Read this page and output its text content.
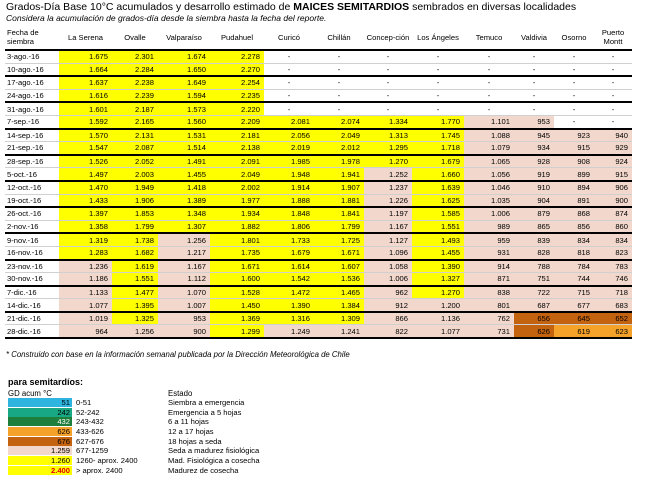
Grados-Día Base 10°C acumulados y desarrollo estimado de MAICES SEMITARDIOS sembrados en diversas localidades
Considera la acumulación de grados-día desde la siembra hasta la fecha del reporte.
Fecha de siembra	La Serena	Ovalle	Valparaíso	Pudahuel	Curicó	Chillán	Concep-ción	Los Ángeles	Temuco	Valdivia	Osorno	Puerto Montt
3-ago.-16	1.675	2.301	1.674	2.278	-	-	-	-	-	-	-	-
10-ago.-16	1.664	2.284	1.650	2.270	-	-	-	-	-	-	-	-
17-ago.-16	1.637	2.238	1.649	2.254	-	-	-	-	-	-	-	-
24-ago.-16	1.616	2.239	1.594	2.235	-	-	-	-	-	-	-	-
31-ago.-16	1.601	2.187	1.573	2.220	-	-	-	-	-	-	-	-
7-sep.-16	1.592	2.165	1.560	2.209	2.081	2.074	1.334	1.770	1.101	953	-	-
14-sep.-16	1.570	2.131	1.531	2.181	2.056	2.049	1.313	1.745	1.088	945	923	940
21-sep.-16	1.547	2.087	1.514	2.138	2.019	2.012	1.295	1.718	1.079	934	915	929
28-sep.-16	1.526	2.052	1.491	2.091	1.985	1.978	1.270	1.679	1.065	928	908	924
5-oct.-16	1.497	2.003	1.455	2.049	1.948	1.941	1.252	1.660	1.056	919	899	915
12-oct.-16	1.470	1.949	1.418	2.002	1.914	1.907	1.237	1.639	1.046	910	894	906
19-oct.-16	1.433	1.906	1.389	1.977	1.888	1.881	1.226	1.625	1.035	904	891	900
26-oct.-16	1.397	1.853	1.348	1.934	1.848	1.841	1.197	1.585	1.006	879	868	874
2-nov.-16	1.358	1.799	1.307	1.882	1.806	1.799	1.167	1.551	989	865	856	860
9-nov.-16	1.319	1.738	1.256	1.801	1.733	1.725	1.127	1.493	959	839	834	834
16-nov.-16	1.283	1.682	1.217	1.735	1.679	1.671	1.096	1.455	931	828	818	823
23-nov.-16	1.236	1.619	1.167	1.671	1.614	1.607	1.058	1.390	914	788	784	783
30-nov.-16	1.186	1.551	1.112	1.600	1.542	1.536	1.006	1.327	871	751	744	746
7-dic.-16	1.133	1.477	1.070	1.528	1.472	1.465	962	1.270	838	722	715	718
14-dic.-16	1.077	1.395	1.007	1.450	1.390	1.384	912	1.200	801	687	677	683
21-dic.-16	1.019	1.325	953	1.369	1.316	1.309	866	1.136	762	656	645	652
28-dic.-16	964	1.256	900	1.299	1.249	1.241	822	1.077	731	626	619	623
* Construido con base en la información semanal publicada por la Dirección Meteorológica de Chile
para semitardíos:
GD acum °C	Estado
51 0-51	Siembra a emergencia
242 52-242	Emergencia a 5 hojas
432 243-432	6 a 11 hojas
626 433-626	12 a 17 hojas
676 627-676	18 hojas a seda
1.259 677-1259	Seda a madurez fisiológica
1.260 1260- aprox. 2400	Mad. Fisiológica a cosecha
2.400 > aprox. 2400	Madurez de cosecha
